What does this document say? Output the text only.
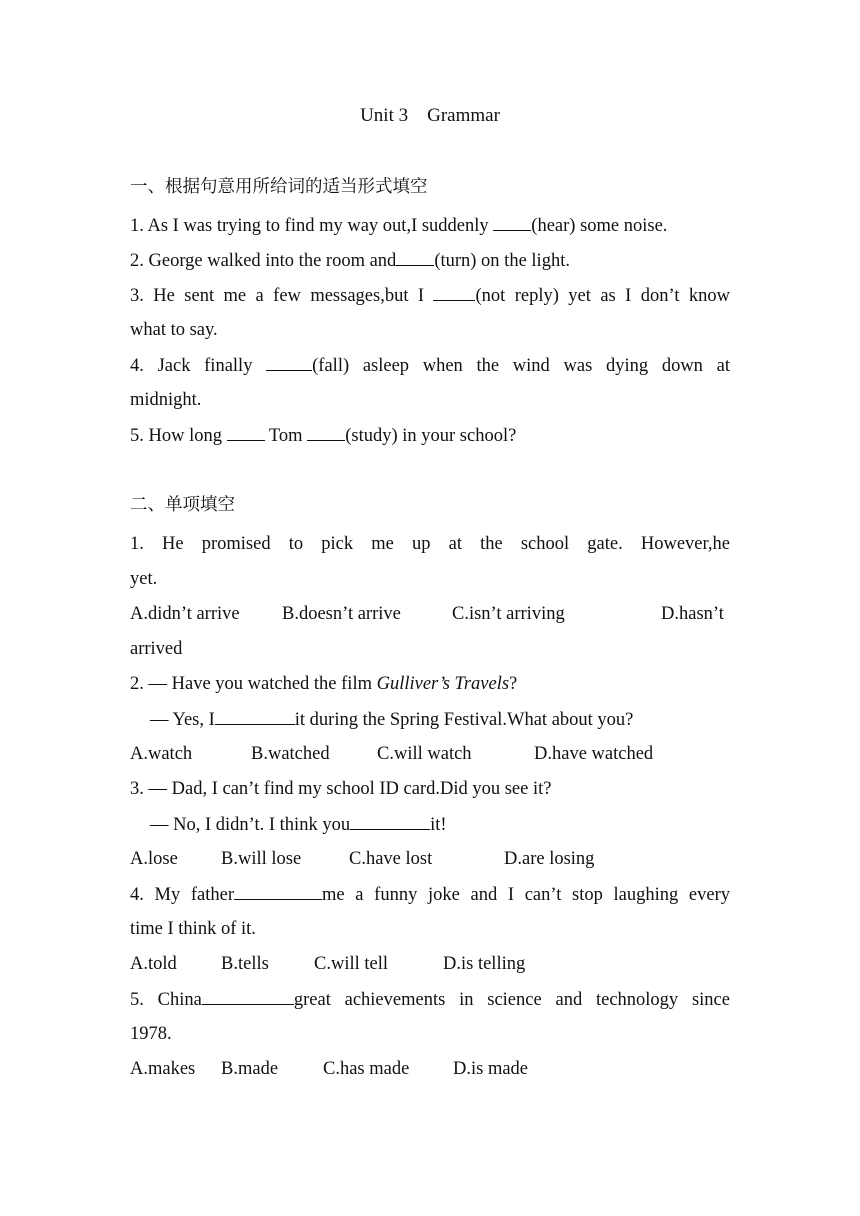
Unit 3    Grammar
一、根据句意用所给词的适当形式填空
1. As I was trying to find my way out,I suddenly (hear) some noise.
2. George walked into the room and (turn) on the light.
3. He sent me a few messages,but I (not reply) yet as I don’t know
what to say.
4. Jack finally (fall) asleep when the wind was dying down at
midnight.
5. How long  Tom (study) in your school?
二、单项填空
1. He promised to pick me up at the school gate. However,he
yet.
A.didn’t arrive B.doesn’t arrive	C.isn’t arriving	D.hasn’t
arrived
2. — Have you watched the film Gulliver’s Travels?
— Yes, I	it during the Spring Festival.What about you?
A.watch	B.watched	C.will watch	D.have watched
3. — Dad, I can’t find my school ID card.Did you see it?
— No, I didn’t. I think you	it!
A.lose B.will lose	C.have lost	D.are losing
4. My father	me a funny joke and I can’t stop laughing every
time I think of it.
A.told B.tells C.will tell	D.is telling
5. China	great achievements in science and technology since
1978.
A.makes B.made C.has made D.is made
